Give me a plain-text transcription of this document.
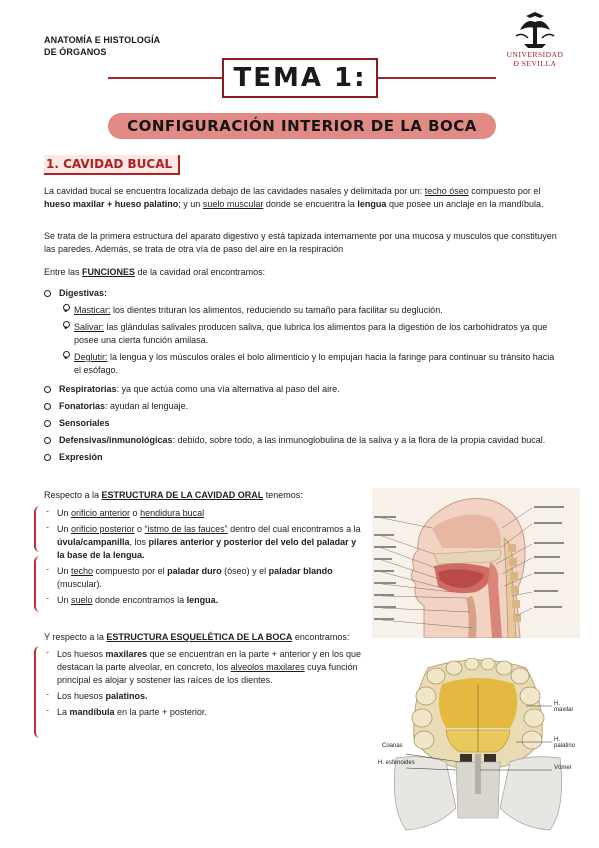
ANATOMÍA E HISTOLOGÍA
DE ÓRGANOS	UNIVERSIDAD
Ð SEVILLA
TEMA 1:
CONFIGURACIÓN INTERIOR DE LA BOCA
1. CAVIDAD BUCAL
La cavidad bucal se encuentra localizada debajo de las cavidades nasales y delimitada por un: techo óseo compuesto por el hueso maxilar + hueso palatino; y un suelo muscular donde se encuentra la lengua que posee un anclaje en la mandíbula.
Se trata de la primera estructura del aparato digestivo y está tapizada internamente por una mucosa y musculos que constituyen las paredes. Además, se trata de otra vía de paso del aire en la respiración
Entre las FUNCIONES de la cavidad oral encontramos:
Digestivas:
• Masticar: los dientes trituran los alimentos, reduciendo su tamaño para facilitar su deglución.
• Salivar: las glándulas salivales producen saliva, que lubrica los alimentos para la digestión de los carbohidratos ya que posee una cierta función amilasa.
• Deglutir: la lengua y los músculos orales el bolo alimenticio y lo empujan hacia la faringe para continuar su tránsito hacia el esófago.
Respiratorias: ya que actúa como una vía alternativa al paso del aire.
Fonatorias: ayudan al lenguaje.
Sensoriales
Defensivas/inmunológicas: debido, sobre todo, a las inmunoglobulina de la saliva y a la flora de la propia cavidad bucal.
Expresión
Respecto a la ESTRUCTURA DE LA CAVIDAD ORAL tenemos:
- Un orificio anterior o hendidura bucal
- Un orificio posterior o “istmo de las fauces” dentro del cual encontramos a la úvula/campanilla, los pilares anterior y posterior del velo del paladar y la base de la lengua.
- Un techo compuesto por el paladar duro (óseo) y el paladar blando (muscular).
- Un suelo donde encontramos la lengua.
Y respecto a la ESTRUCTURA ESQUELÉTICA DE LA BOCA encontramos:
- Los huesos maxilares que se encuentran en la parte + anterior y en los que destacan la parte alveolar, en concreto, los alveolos maxilares cuya función principal es alojar y sostener las raíces de los dientes.
- Los huesos palatinos.
- La mandíbula en la parte + posterior.
H. maxilar
H. palatino
Coanas
H. esfenoides
Vómer
